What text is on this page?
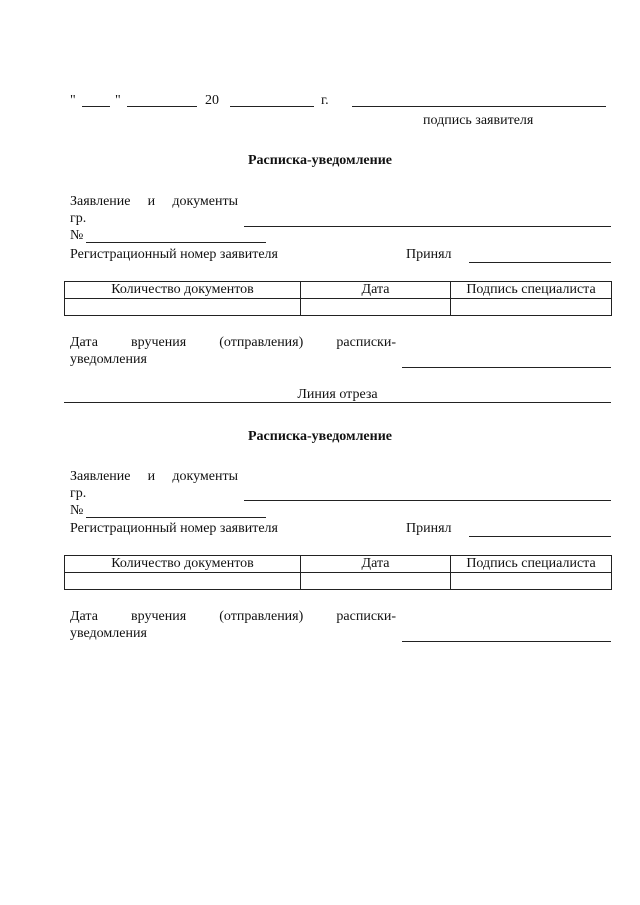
"	"	20	г.
подпись заявителя
Расписка-уведомление
Заявление и документы
гр.
№
Регистрационный номер заявителя	Принял
Количество документов	Дата	Подпись специалиста

Дата вручения (отправления) расписки-
уведомления
Линия отреза
Расписка-уведомление
Заявление и документы
гр.
№
Регистрационный номер заявителя	Принял
Количество документов	Дата	Подпись специалиста

Дата вручения (отправления) расписки-
уведомления
